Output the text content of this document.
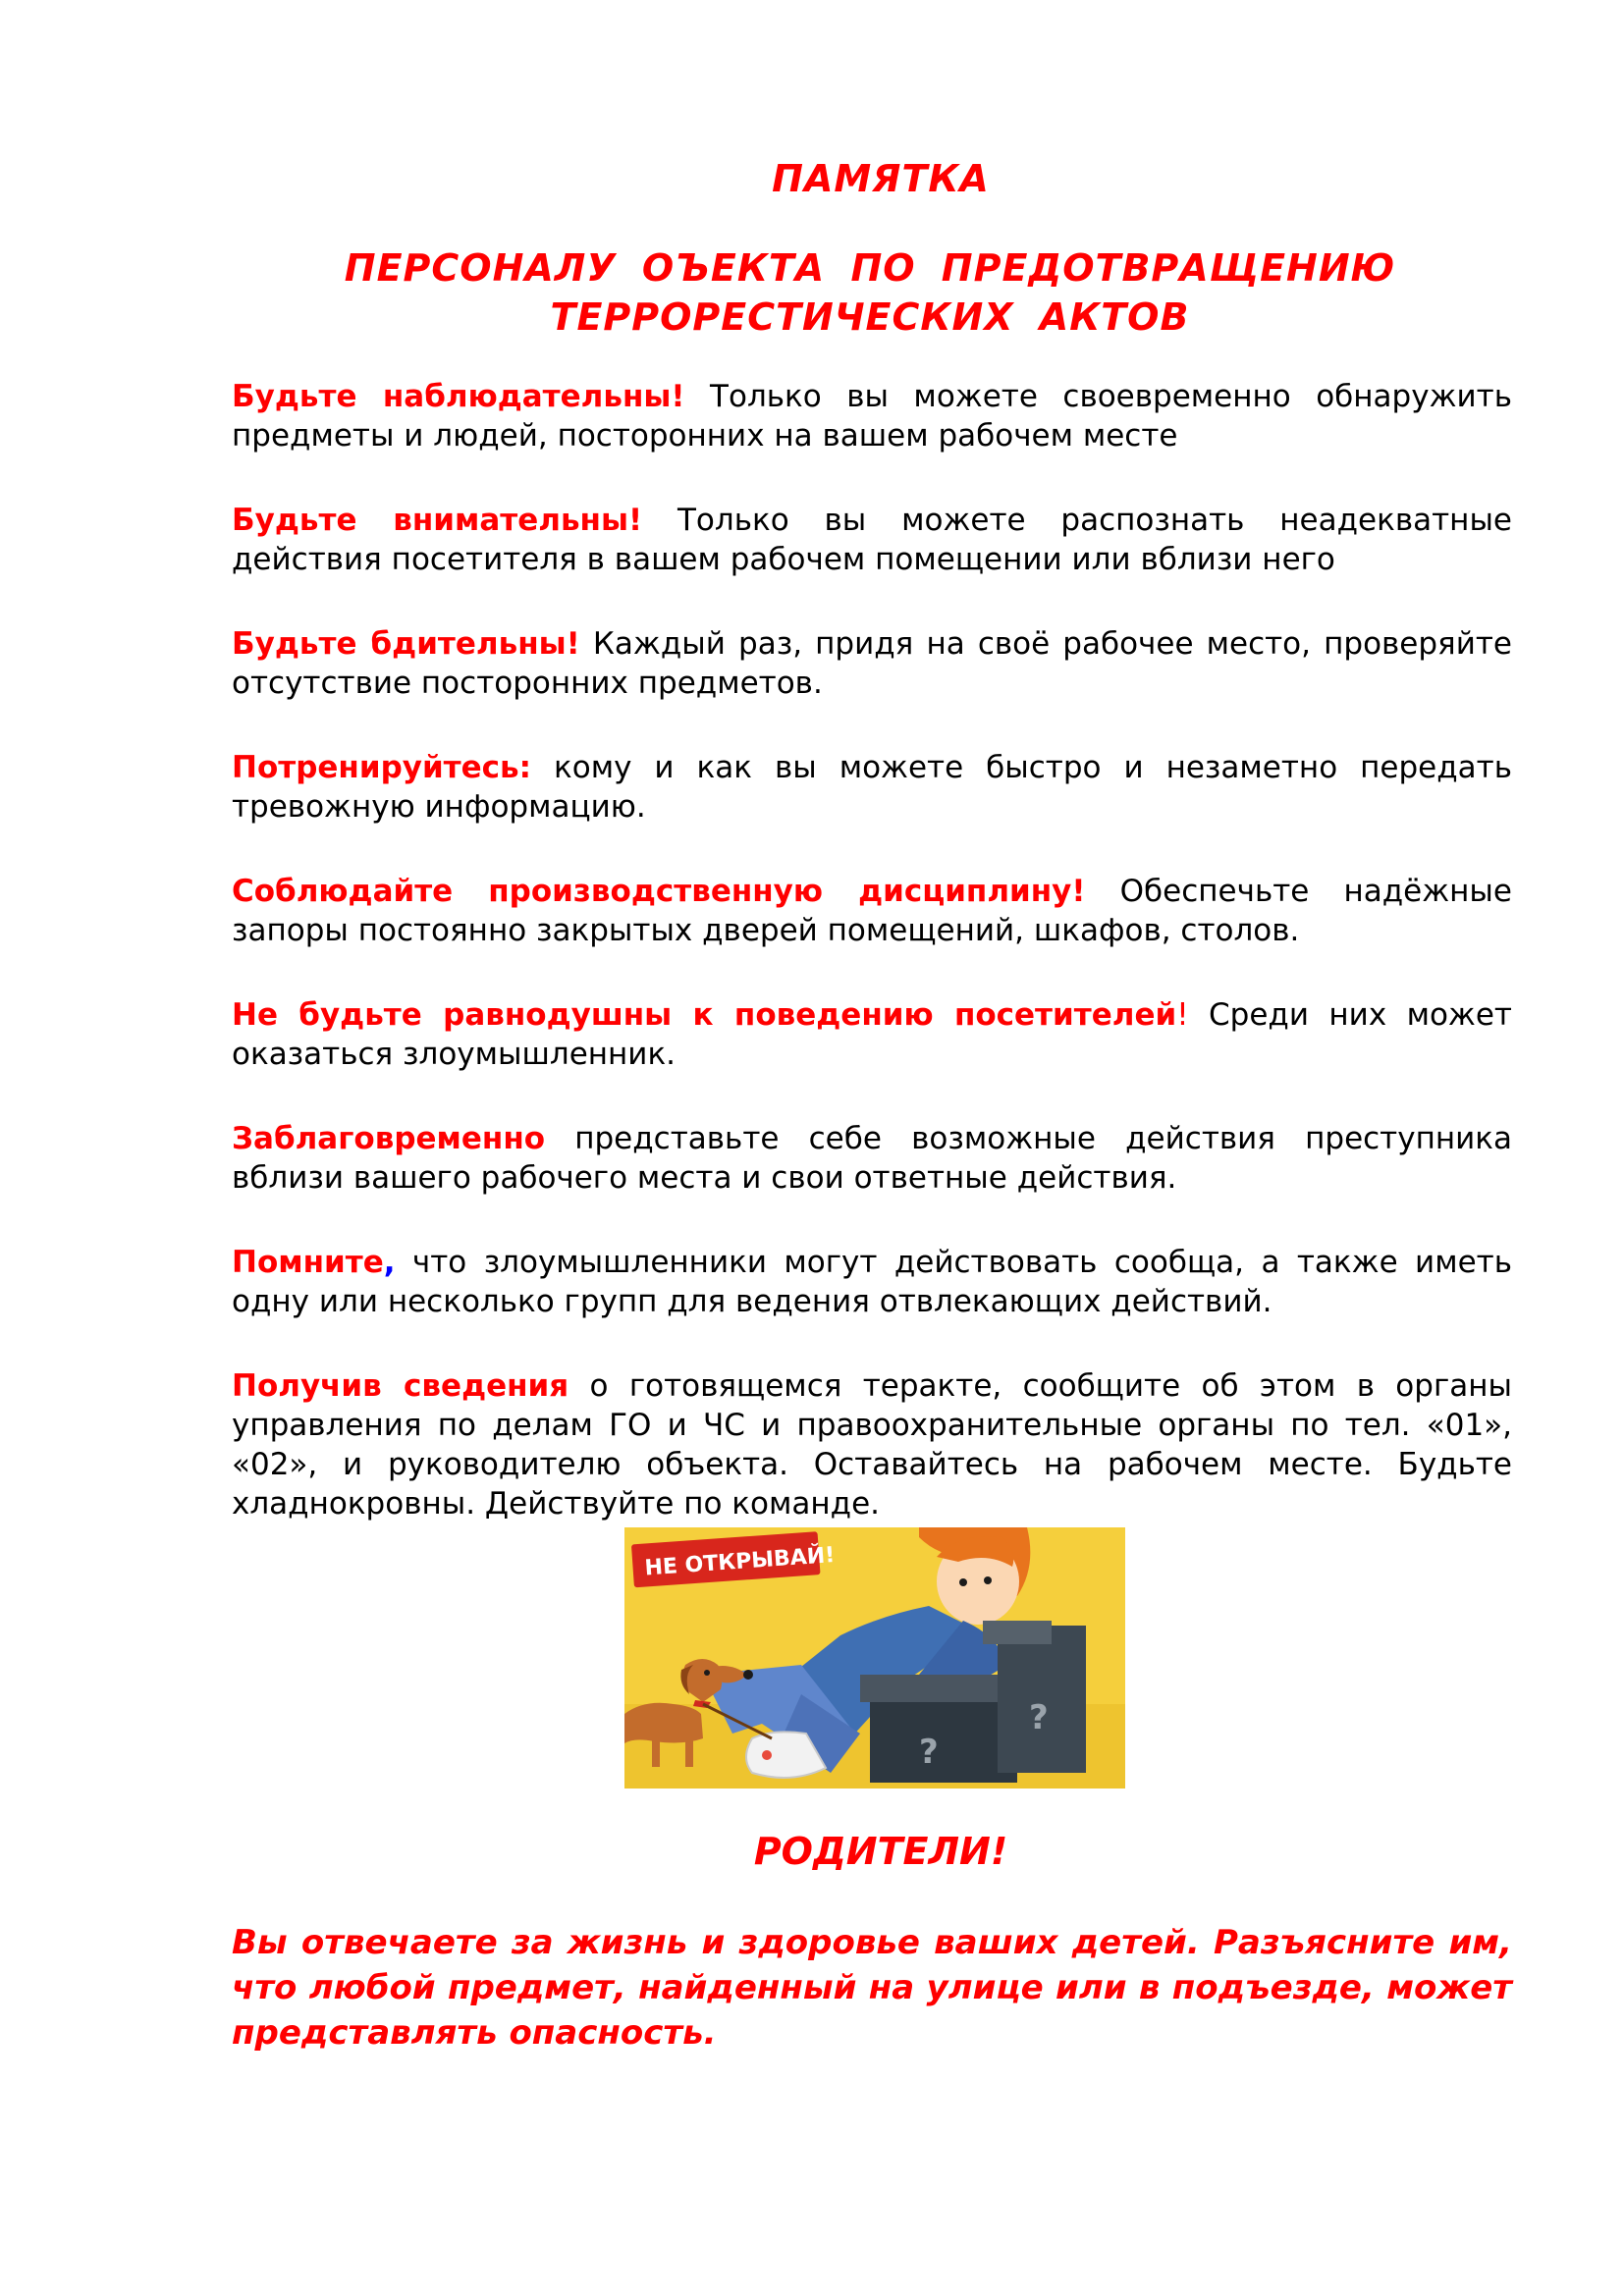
ПАМЯТКА
ПЕРСОНАЛУ ОЪЕКТА ПО ПРЕДОТВРАЩЕНИЮ
ТЕРРОРЕСТИЧЕСКИХ АКТОВ

Будьте наблюдательны! Только вы можете своевременно обнаружить предметы и людей, посторонних на вашем рабочем месте

Будьте внимательны! Только вы можете распознать неадекватные действия посетителя в вашем рабочем помещении или вблизи него

Будьте бдительны! Каждый раз, придя на своё рабочее место, проверяйте отсутствие посторонних предметов.

Потренируйтесь: кому и как вы можете быстро и незаметно передать тревожную информацию.

Соблюдайте производственную дисциплину! Обеспечьте надёжные запоры постоянно закрытых дверей помещений, шкафов, столов.

Не будьте равнодушны к поведению посетителей! Среди них может оказаться злоумышленник.

Заблаговременно представьте себе возможные действия преступника вблизи вашего рабочего места и свои ответные действия.

Помните, что злоумышленники могут действовать сообща, а также иметь одну или несколько групп для ведения отвлекающих действий.

Получив сведения о готовящемся теракте, сообщите об этом в органы управления по делам ГО и ЧС и правоохранительные органы по тел. «01», «02», и руководителю объекта. Оставайтесь на рабочем месте. Будьте хладнокровны. Действуйте по команде.

?
?
НЕ ОТКРЫВАЙ!
РОДИТЕЛИ!

Вы отвечаете за жизнь и здоровье ваших детей. Разъясните им, что любой предмет, найденный на улице или в подъезде, может представлять опасность.
